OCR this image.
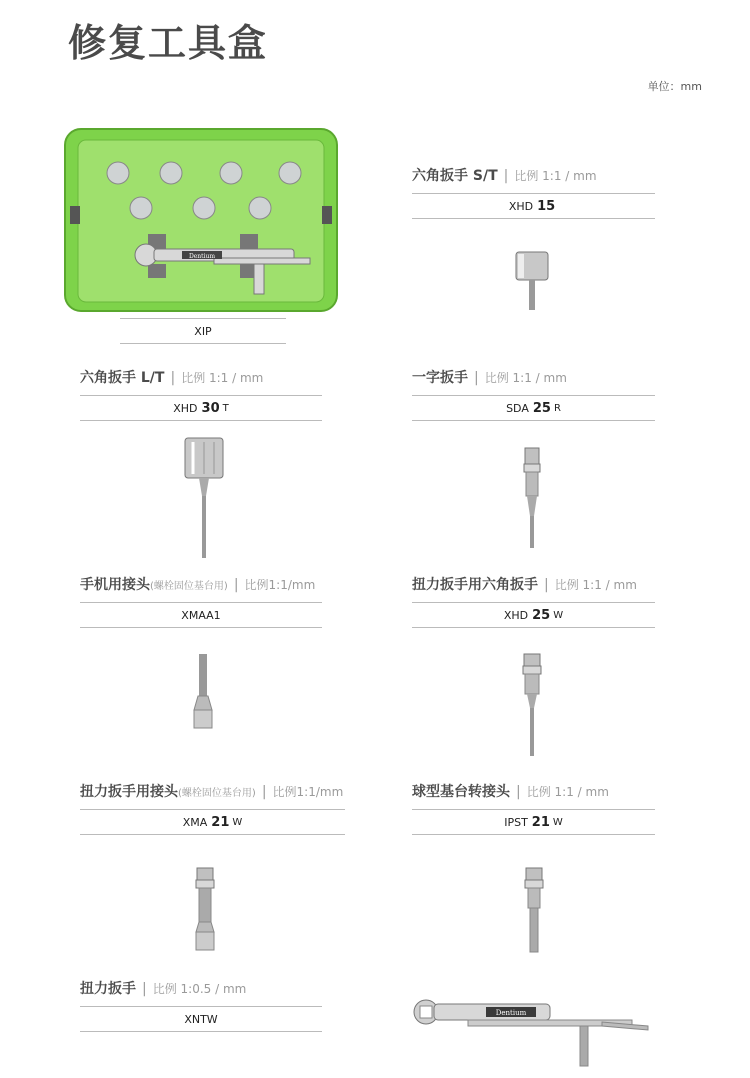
修复工具盒
单位：mm
Dentium
XIP
六角扳手 S/T | 比例 1:1 / mm
XHD 15
六角扳手 L/T | 比例 1:1 / mm
XHD 30 T
一字扳手 | 比例 1:1 / mm
SDA 25 R
手机用接头(螺栓固位基台用) | 比例1:1/mm
XMAA1
扭力扳手用六角扳手 | 比例 1:1 / mm
XHD 25 W
扭力扳手用接头(螺栓固位基台用) | 比例1:1/mm
XMA 21 W
球型基台转接头 | 比例 1:1 / mm
IPST 21 W
扭力扳手 | 比例 1:0.5 / mm
XNTW	Dentium
